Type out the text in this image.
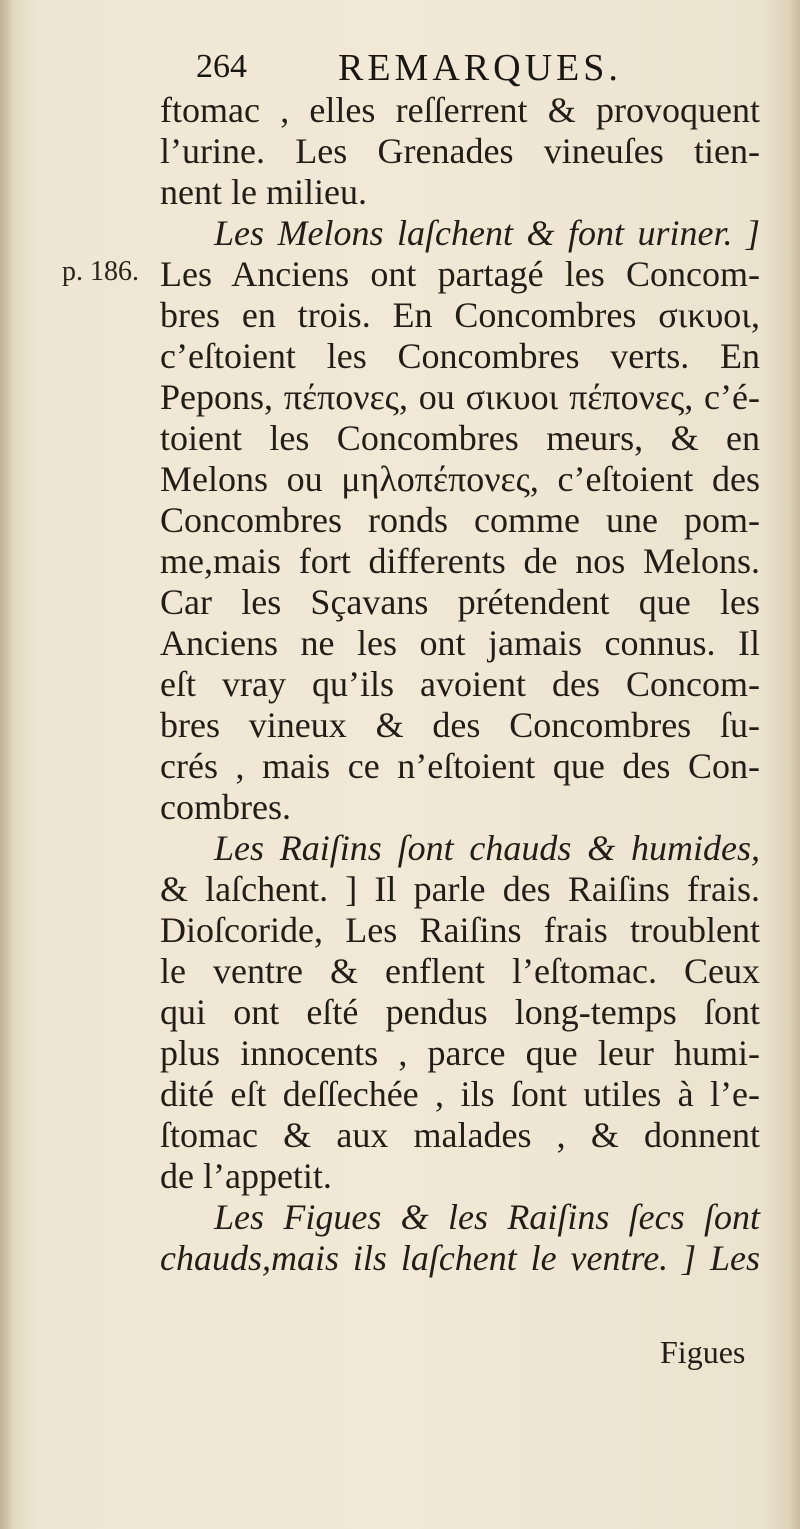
264 REMARQUES.
p. 186.
ftomac , elles reſſerrent & provoquent
l’urine. Les Grenades vineuſes tien-
nent le milieu.
Les Melons laſchent & font uriner. ]
Les Anciens ont partagé les Concom-
bres en trois. En Concombres σικυοι,
c’eſtoient les Concombres verts. En
Pepons, πέπονες, ou σικυοι πέπονες, c’é-
toient les Concombres meurs, & en
Melons ou μηλοπέπονες, c’eſtoient des
Concombres ronds comme une pom-
me,mais fort differents de nos Melons.
Car les Sçavans prétendent que les
Anciens ne les ont jamais connus. Il
eſt vray qu’ils avoient des Concom-
bres vineux & des Concombres ſu-
crés , mais ce n’eſtoient que des Con-
combres.
Les Raiſins ſont chauds & humides,
& laſchent. ] Il parle des Raiſins frais.
Dioſcoride, Les Raiſins frais troublent
le ventre & enflent l’eſtomac. Ceux
qui ont eſté pendus long-temps ſont
plus innocents , parce que leur humi-
dité eſt deſſechée , ils ſont utiles à l’e-
ſtomac & aux malades , & donnent
de l’appetit.
Les Figues & les Raiſins ſecs ſont
chauds,mais ils laſchent le ventre. ] Les
Figues
